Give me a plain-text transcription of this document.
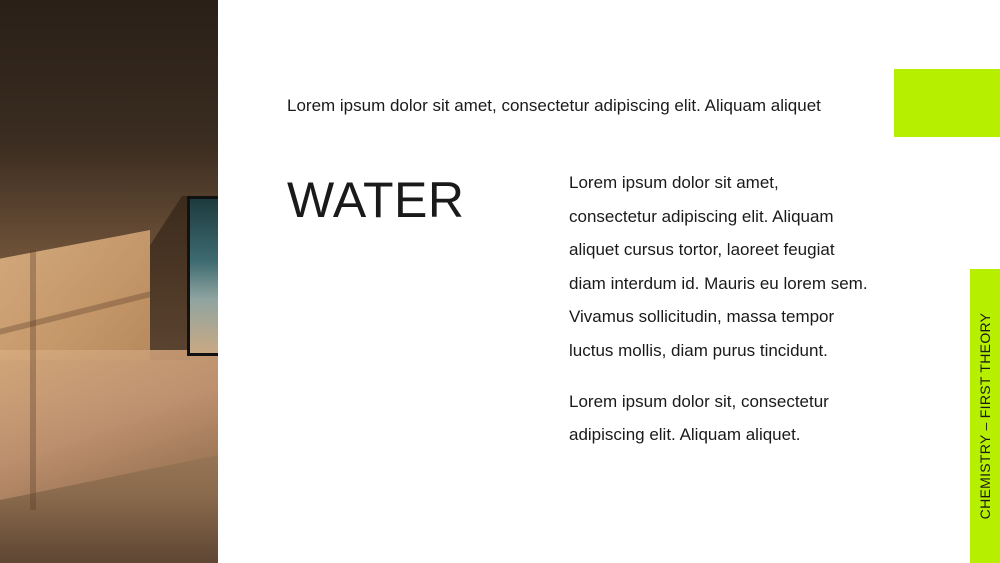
Lorem ipsum dolor sit amet, consectetur adipiscing elit. Aliquam aliquet
WATER	Lorem ipsum dolor sit amet, consectetur adipiscing elit. Aliquam aliquet cursus tortor, laoreet feugiat diam interdum id. Mauris eu lorem sem. Vivamus sollicitudin, massa tempor luctus mollis, diam purus tincidunt.

Lorem ipsum dolor sit, consectetur adipiscing elit. Aliquam aliquet.	CHEMISTRY – FIRST THEORY
